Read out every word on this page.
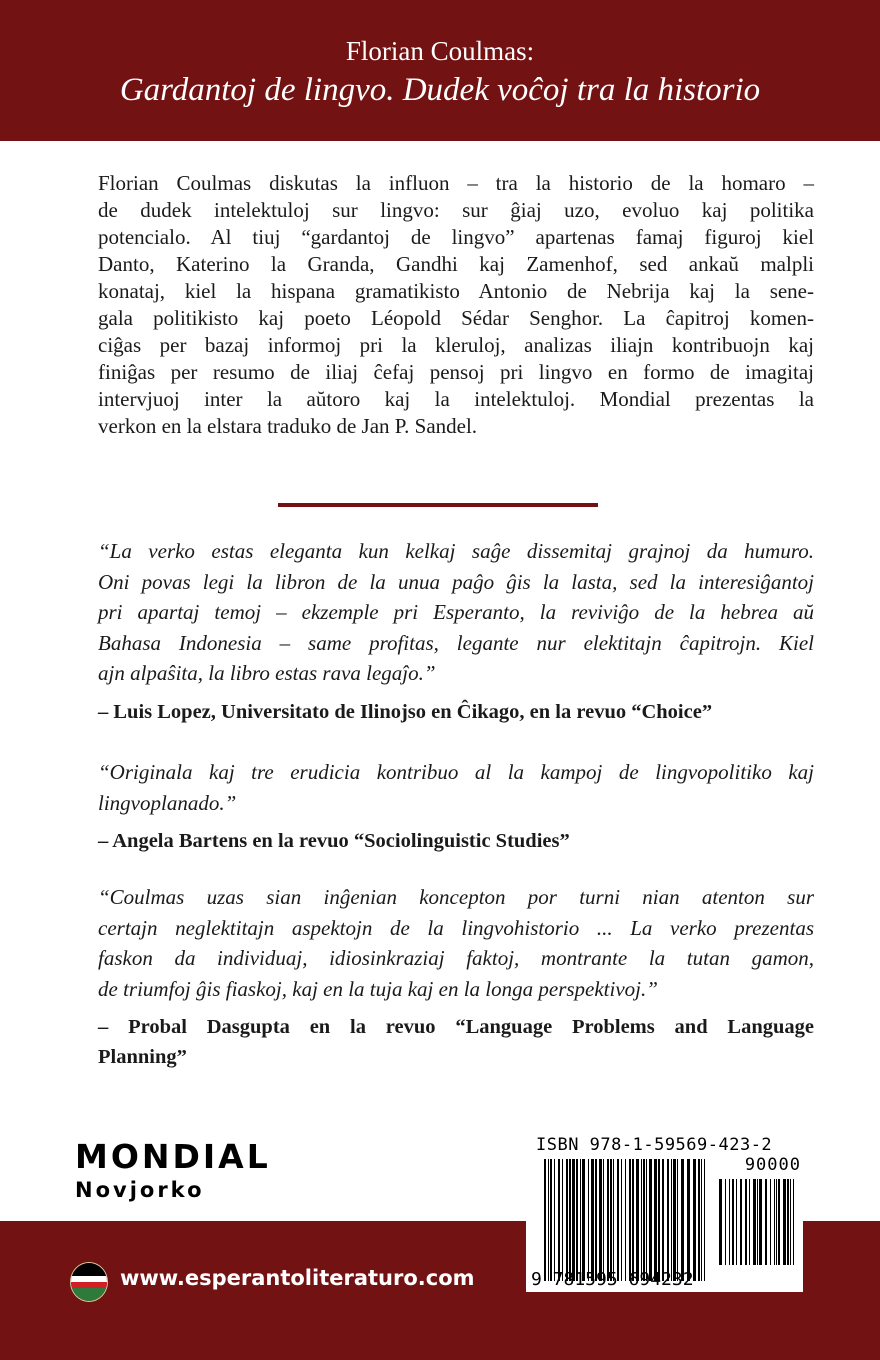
Florian Coulmas:
Gardantoj de lingvo. Dudek voĉoj tra la historio
Florian Coulmas diskutas la influon – tra la historio de la homaro –
de dudek intelektuloj sur lingvo: sur ĝiaj uzo, evoluo kaj politika
potencialo. Al tiuj “gardantoj de lingvo” apartenas famaj figuroj kiel
Danto, Katerino la Granda, Gandhi kaj Zamenhof, sed ankaŭ malpli
konataj, kiel la hispana gramatikisto Antonio de Nebrija kaj la sene-
gala politikisto kaj poeto Léopold Sédar Senghor. La ĉapitroj komen-
ciĝas per bazaj informoj pri la kleruloj, analizas iliajn kontribuojn kaj
finiĝas per resumo de iliaj ĉefaj pensoj pri lingvo en formo de imagitaj
intervjuoj inter la aŭtoro kaj la intelektuloj. Mondial prezentas la
verkon en la elstara traduko de Jan P. Sandel.
“La verko estas eleganta kun kelkaj saĝe dissemitaj grajnoj da humuro.
Oni povas legi la libron de la unua paĝo ĝis la lasta, sed la interesiĝantoj
pri apartaj temoj – ekzemple pri Esperanto, la reviviĝo de la hebrea aŭ
Bahasa Indonesia – same profitas, legante nur elektitajn ĉapitrojn. Kiel
ajn alpaŝita, la libro estas rava legaĵo.”
– Luis Lopez, Universitato de Ilinojso en Ĉikago, en la revuo “Choice”
“Originala kaj tre erudicia kontribuo al la kampoj de lingvopolitiko kaj
lingvoplanado.”
– Angela Bartens en la revuo “Sociolinguistic Studies”
“Coulmas uzas sian inĝenian koncepton por turni nian atenton sur
certajn neglektitajn aspektojn de la lingvohistorio ... La verko prezentas
faskon da individuaj, idiosinkraziaj faktoj, montrante la tutan gamon,
de triumfoj ĝis fiaskoj, kaj en la tuja kaj en la longa perspektivoj.”
– Probal Dasgupta en la revuo “Language Problems and Language
Planning”
MONDIAL
Novjorko
www.esperantoliteraturo.com
ISBN 978-1-59569-423-2
90000
9 781595 694232
